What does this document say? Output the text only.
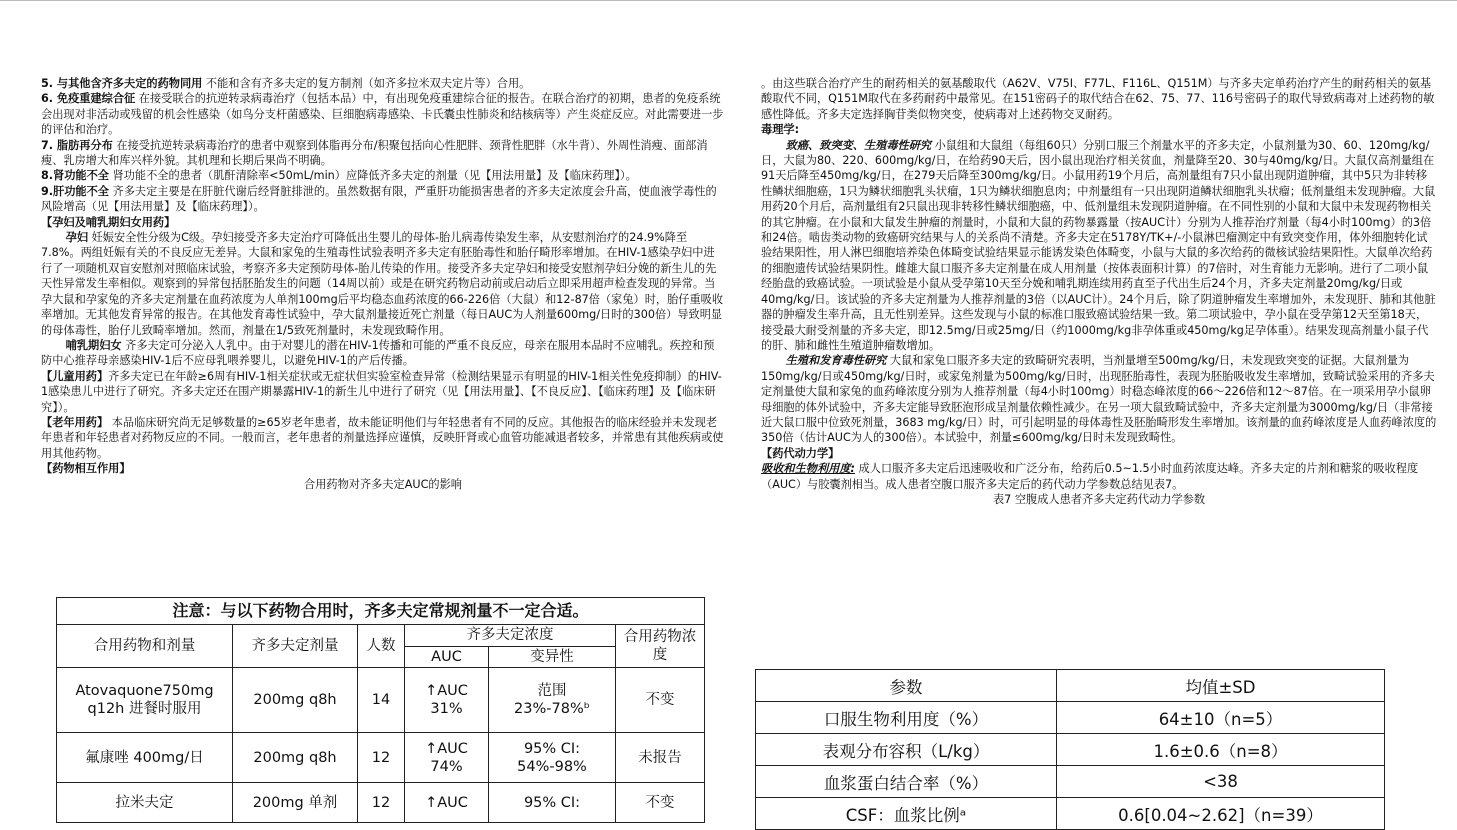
5. 与其他含齐多夫定的药物同用 不能和含有齐多夫定的复方制剂（如齐多拉米双夫定片等）合用。

6. 免疫重建综合征 在接受联合的抗逆转录病毒治疗（包括本品）中，有出现免疫重建综合征的报告。在联合治疗的初期，患者的免疫系统会出现对非活动或残留的机会性感染（如鸟分支杆菌感染、巨细胞病毒感染、卡氏囊虫性肺炎和结核病等）产生炎症反应。对此需要进一步的评估和治疗。

7. 脂肪再分布 在接受抗逆转录病毒治疗的患者中观察到体脂再分布/积聚包括向心性肥胖、颈背性肥胖（水牛背）、外周性消瘦、面部消瘦、乳房增大和库兴样外貌。其机理和长期后果尚不明确。

8.肾功能不全 肾功能不全的患者（肌酐清除率<50mL/min）应降低齐多夫定的剂量（见【用法用量】及【临床药理】）。

9.肝功能不全 齐多夫定主要是在肝脏代谢后经肾脏排泄的。虽然数据有限，严重肝功能损害患者的齐多夫定浓度会升高，使血液学毒性的风险增高（见【用法用量】及【临床药理】）。

【孕妇及哺乳期妇女用药】

孕妇 妊娠安全性分级为C级。孕妇接受齐多夫定治疗可降低出生婴儿的母体-胎儿病毒传染发生率，从安慰剂治疗的24.9%降至7.8%。两组妊娠有关的不良反应无差异。大鼠和家兔的生殖毒性试验表明齐多夫定有胚胎毒性和胎仔畸形率增加。在HIV-1感染孕妇中进行了一项随机双盲安慰剂对照临床试验，考察齐多夫定预防母体-胎儿传染的作用。接受齐多夫定孕妇和接受安慰剂孕妇分娩的新生儿的先天性异常发生率相似。观察到的异常包括胚胎发生的问题（14周以前）或是在研究药物启动前或启动后立即采用超声检查发现的异常。当孕大鼠和孕家兔的齐多夫定剂量在血药浓度为人单剂100mg后平均稳态血药浓度的66-226倍（大鼠）和12-87倍（家兔）时，胎仔重吸收率增加。无其他发育异常的报告。在其他发育毒性试验中，孕大鼠剂量接近死亡剂量（每日AUC为人剂量600mg/日时的300倍）导致明显的母体毒性，胎仔儿致畸率增加。然而，剂量在1/5致死剂量时，未发现致畸作用。

哺乳期妇女 齐多夫定可分泌入人乳中。由于对婴儿的潜在HIV-1传播和可能的严重不良反应，母亲在服用本品时不应哺乳。疾控和预防中心推荐母亲感染HIV-1后不应母乳喂养婴儿，以避免HIV-1的产后传播。

【儿童用药】齐多夫定已在年龄≥6周有HIV-1相关症状或无症状但实验室检查异常（检测结果显示有明显的HIV-1相关性免疫抑制）的HIV-1感染患儿中进行了研究。齐多夫定还在围产期暴露HIV-1的新生儿中进行了研究（见【用法用量】、【不良反应】、【临床药理】及【临床研究】）。

【老年用药】 本品临床研究尚无足够数量的≥65岁老年患者，故未能证明他们与年轻患者有不同的反应。其他报告的临床经验并未发现老年患者和年轻患者对药物反应的不同。一般而言，老年患者的剂量选择应谨慎，反映肝肾或心血管功能减退者较多，并常患有其他疾病或使用其他药物。

【药物相互作用】

合用药物对齐多夫定AUC的影响

注意：与以下药物合用时，齐多夫定常规剂量不一定合适。					
合用药物和剂量	齐多夫定剂量	人数	齐多夫定浓度		合用药物浓度
			AUC	变异性	
Atovaquone750mg q12h 进餐时服用	200mg q8h	14	↑AUC 31%	范围 23%-78%ᵇ	不变
氟康唑 400mg/日	200mg q8h	12	↑AUC 74%	95% CI: 54%-98%	未报告
拉米夫定	200mg 单剂	12	↑AUC	95% CI:	不变

。由这些联合治疗产生的耐药相关的氨基酸取代（A62V、V75I、F77L、F116L、Q151M）与齐多夫定单药治疗产生的耐药相关的氨基酸取代不同，Q151M取代在多药耐药中最常见。在151密码子的取代结合在62、75、77、116号密码子的取代导致病毒对上述药物的敏感性降低。齐多夫定选择胸苷类似物突变，使病毒对上述药物交叉耐药。

毒理学:

致癌、致突变、生殖毒性研究 小鼠组和大鼠组（每组60只）分别口服三个剂量水平的齐多夫定，小鼠剂量为30、60、120mg/kg/日，大鼠为80、220、600mg/kg/日，在给药90天后，因小鼠出现治疗相关贫血，剂量降至20、30与40mg/kg/日。大鼠仅高剂量组在91天后降至450mg/kg/日，在279天后降至300mg/kg/日。小鼠用药19个月后，高剂量组有7只小鼠出现阴道肿瘤，其中5只为非转移性鳞状细胞癌，1只为鳞状细胞乳头状瘤，1只为鳞状细胞息肉；中剂量组有一只出现阴道鳞状细胞乳头状瘤；低剂量组未发现肿瘤。大鼠用药20个月后，高剂量组有2只鼠出现非转移性鳞状细胞癌，中、低剂量组未发现阴道肿瘤。在不同性别的小鼠和大鼠中未发现药物相关的其它肿瘤。在小鼠和大鼠发生肿瘤的剂量时，小鼠和大鼠的药物暴露量（按AUC计）分别为人推荐治疗剂量（每4小时100mg）的3倍和24倍。啮齿类动物的致癌研究结果与人的关系尚不清楚。齐多夫定在5178Y/TK+/-小鼠淋巴瘤测定中有致突变作用，体外细胞转化试验结果阳性，用人淋巴细胞培养染色体畸变试验结果显示能诱发染色体畸变，小鼠与大鼠的多次给药的微核试验结果阳性。大鼠单次给药的细胞遗传试验结果阴性。雌雄大鼠口服齐多夫定剂量在成人用剂量（按体表面积计算）的7倍时，对生育能力无影响。进行了二项小鼠经胎盘的致癌试验。一项试验是小鼠从受孕第10天至分娩和哺乳期连续用药直至子代出生后24个月，齐多夫定剂量20mg/kg/日或40mg/kg/日。该试验的齐多夫定剂量为人推荐剂量的3倍（以AUC计）。24个月后，除了阴道肿瘤发生率增加外，未发现肝、肺和其他脏器的肿瘤发生率升高，且无性别差异。这些发现与小鼠的标准口服致癌试验结果一致。第二项试验中，孕小鼠在受孕第12天至第18天，接受最大耐受剂量的齐多夫定，即12.5mg/日或25mg/日（约1000mg/kg非孕体重或450mg/kg足孕体重）。结果发现高剂量小鼠子代的肝、肺和雌性生殖道肿瘤数增加。

生殖和发育毒性研究 大鼠和家兔口服齐多夫定的致畸研究表明，当剂量增至500mg/kg/日，未发现致突变的证据。大鼠剂量为150mg/kg/日或450mg/kg/日时，或家兔剂量为500mg/kg/日时，出现胚胎毒性，表现为胚胎吸收发生率增加，致畸试验采用的齐多夫定剂量使大鼠和家兔的血药峰浓度分别为人推荐剂量（每4小时100mg）时稳态峰浓度的66～226倍和12～87倍。在一项采用孕小鼠卵母细胞的体外试验中，齐多夫定能导致胚泡形成呈剂量依赖性减少。在另一项大鼠致畸试验中，齐多夫定剂量为3000mg/kg/日（非常接近大鼠口服中位致死剂量，3683 mg/kg/日）时，可引起明显的母体毒性及胚胎畸形发生率增加。该剂量的血药峰浓度是人血药峰浓度的350倍（估计AUC为人的300倍）。本试验中，剂量≤600mg/kg/日时未发现致畸性。

【药代动力学】

吸收和生物利用度: 成人口服齐多夫定后迅速吸收和广泛分布，给药后0.5~1.5小时血药浓度达峰。齐多夫定的片剂和糖浆的吸收程度（AUC）与胶囊剂相当。成人患者空腹口服齐多夫定后的药代动力学参数总结见表7。

表7 空腹成人患者齐多夫定药代动力学参数

参数	均值±SD
口服生物利用度（%）	64±10（n=5）
表观分布容积（L/kg）	1.6±0.6（n=8）
血浆蛋白结合率（%）	<38
CSF：血浆比例ᵃ	0.6[0.04~2.62]（n=39）
